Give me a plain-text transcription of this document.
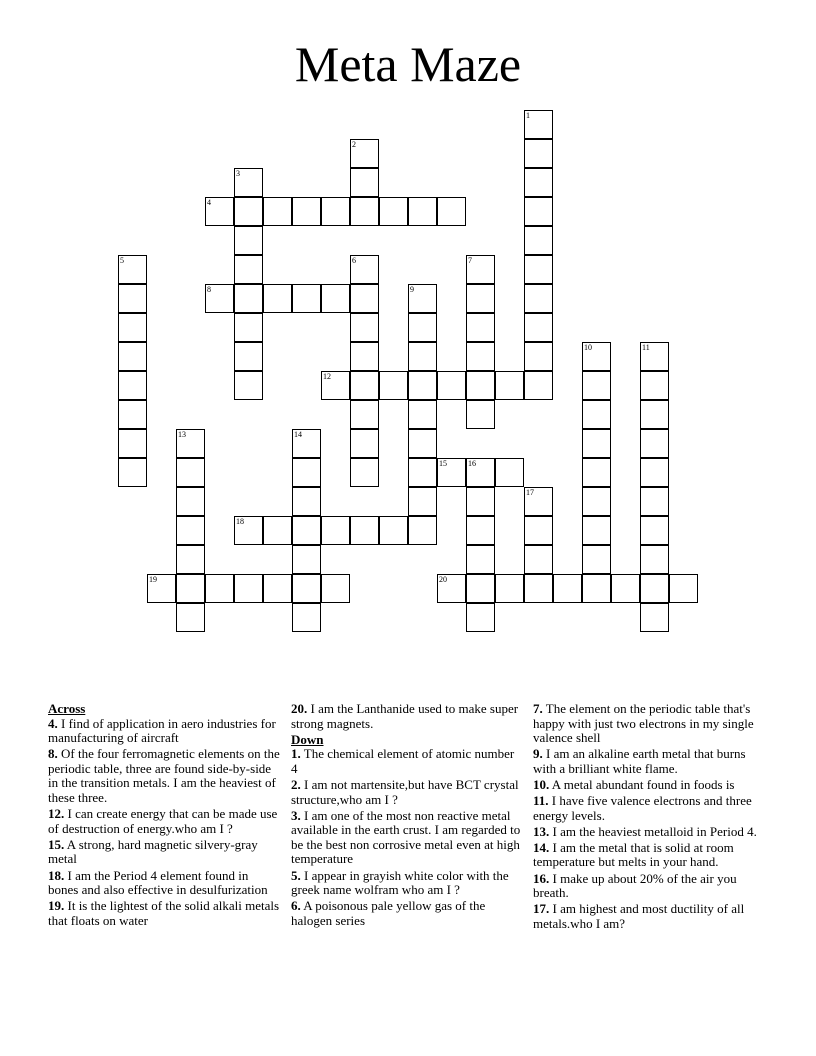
Meta Maze
4
8
12
15	16
18
19	20
1
2
3
5	6	7
9
10	11
13	14
17
Across
4. I find of application in aero industries for manufacturing of aircraft
8. Of the four ferromagnetic elements on the periodic table, three are found side-by-side in the transition metals. I am the heaviest of these three.
12. I can create energy that can be made use of destruction of energy.who am I ?
15. A strong, hard magnetic silvery-gray metal
18. I am the Period 4 element found in bones and also effective in desulfurization
19. It is the lightest of the solid alkali metals that floats on water
20. I am the Lanthanide used to make super strong magnets.
Down
1. The chemical element of atomic number 4
2. I am not martensite,but have BCT crystal structure,who am I ?
3. I am one of the most non reactive metal available in the earth crust. I am regarded to be the best non corrosive metal even at high temperature
5. I appear in grayish white color with the greek name wolfram who am I ?
6. A poisonous pale yellow gas of the halogen series
7. The element on the periodic table that's happy with just two electrons in my single valence shell
9. I am an alkaline earth metal that burns with a brilliant white flame.
10. A metal abundant found in foods is
11. I have five valence electrons and three energy levels.
13. I am the heaviest metalloid in Period 4.
14. I am the metal that is solid at room temperature but melts in your hand.
16. I make up about 20% of the air you breath.
17. I am highest and most ductility of all metals.who I am?
